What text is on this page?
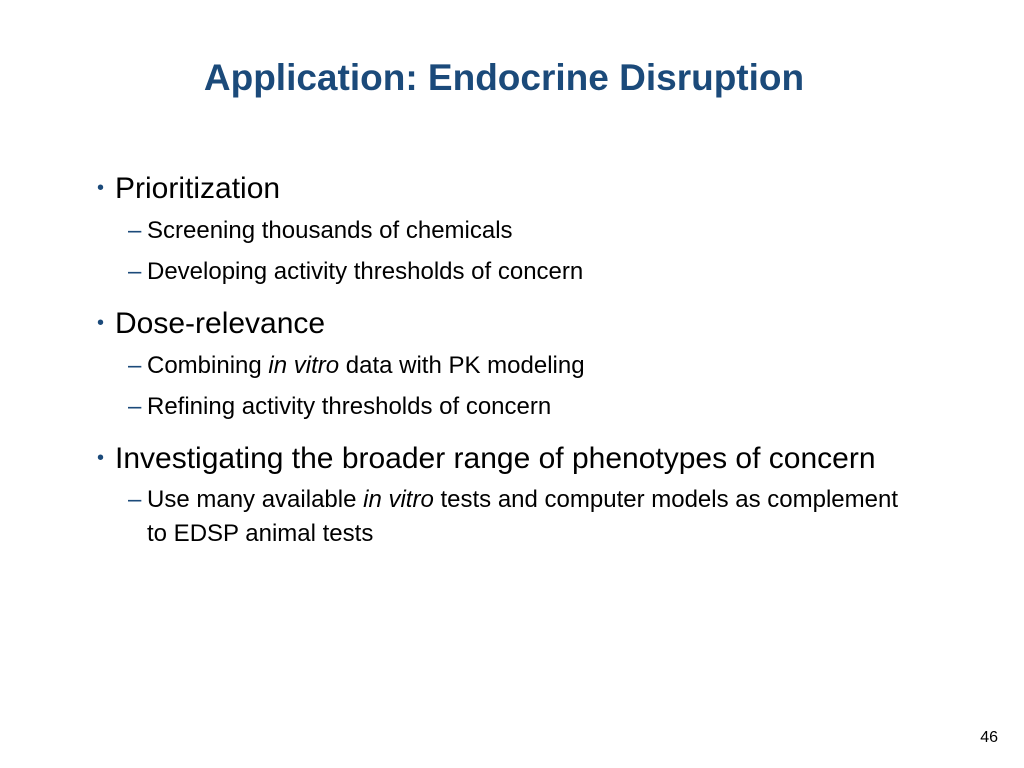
Application: Endocrine Disruption
• Prioritization
– Screening thousands of chemicals
– Developing activity thresholds of concern
• Dose-relevance
– Combining in vitro data with PK modeling
– Refining activity thresholds of concern
• Investigating the broader range of phenotypes of concern
– Use many available in vitro tests and computer models as complement to EDSP animal tests
46
